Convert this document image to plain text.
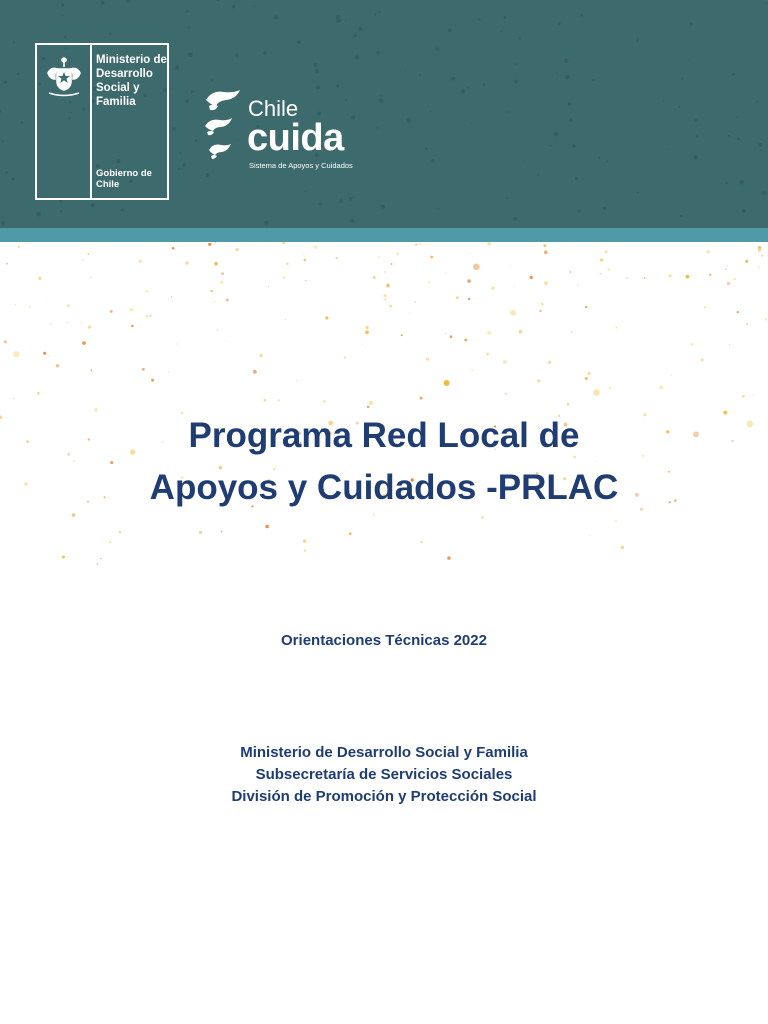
Ministerio de Desarrollo Social y Familia
Gobierno de Chile
Chile
cuida
Sistema de Apoyos y Cuidados
Programa Red Local de
Apoyos y Cuidados -PRLAC
Orientaciones Técnicas 2022
Ministerio de Desarrollo Social y Familia
Subsecretaría de Servicios Sociales
División de Promoción y Protección Social
